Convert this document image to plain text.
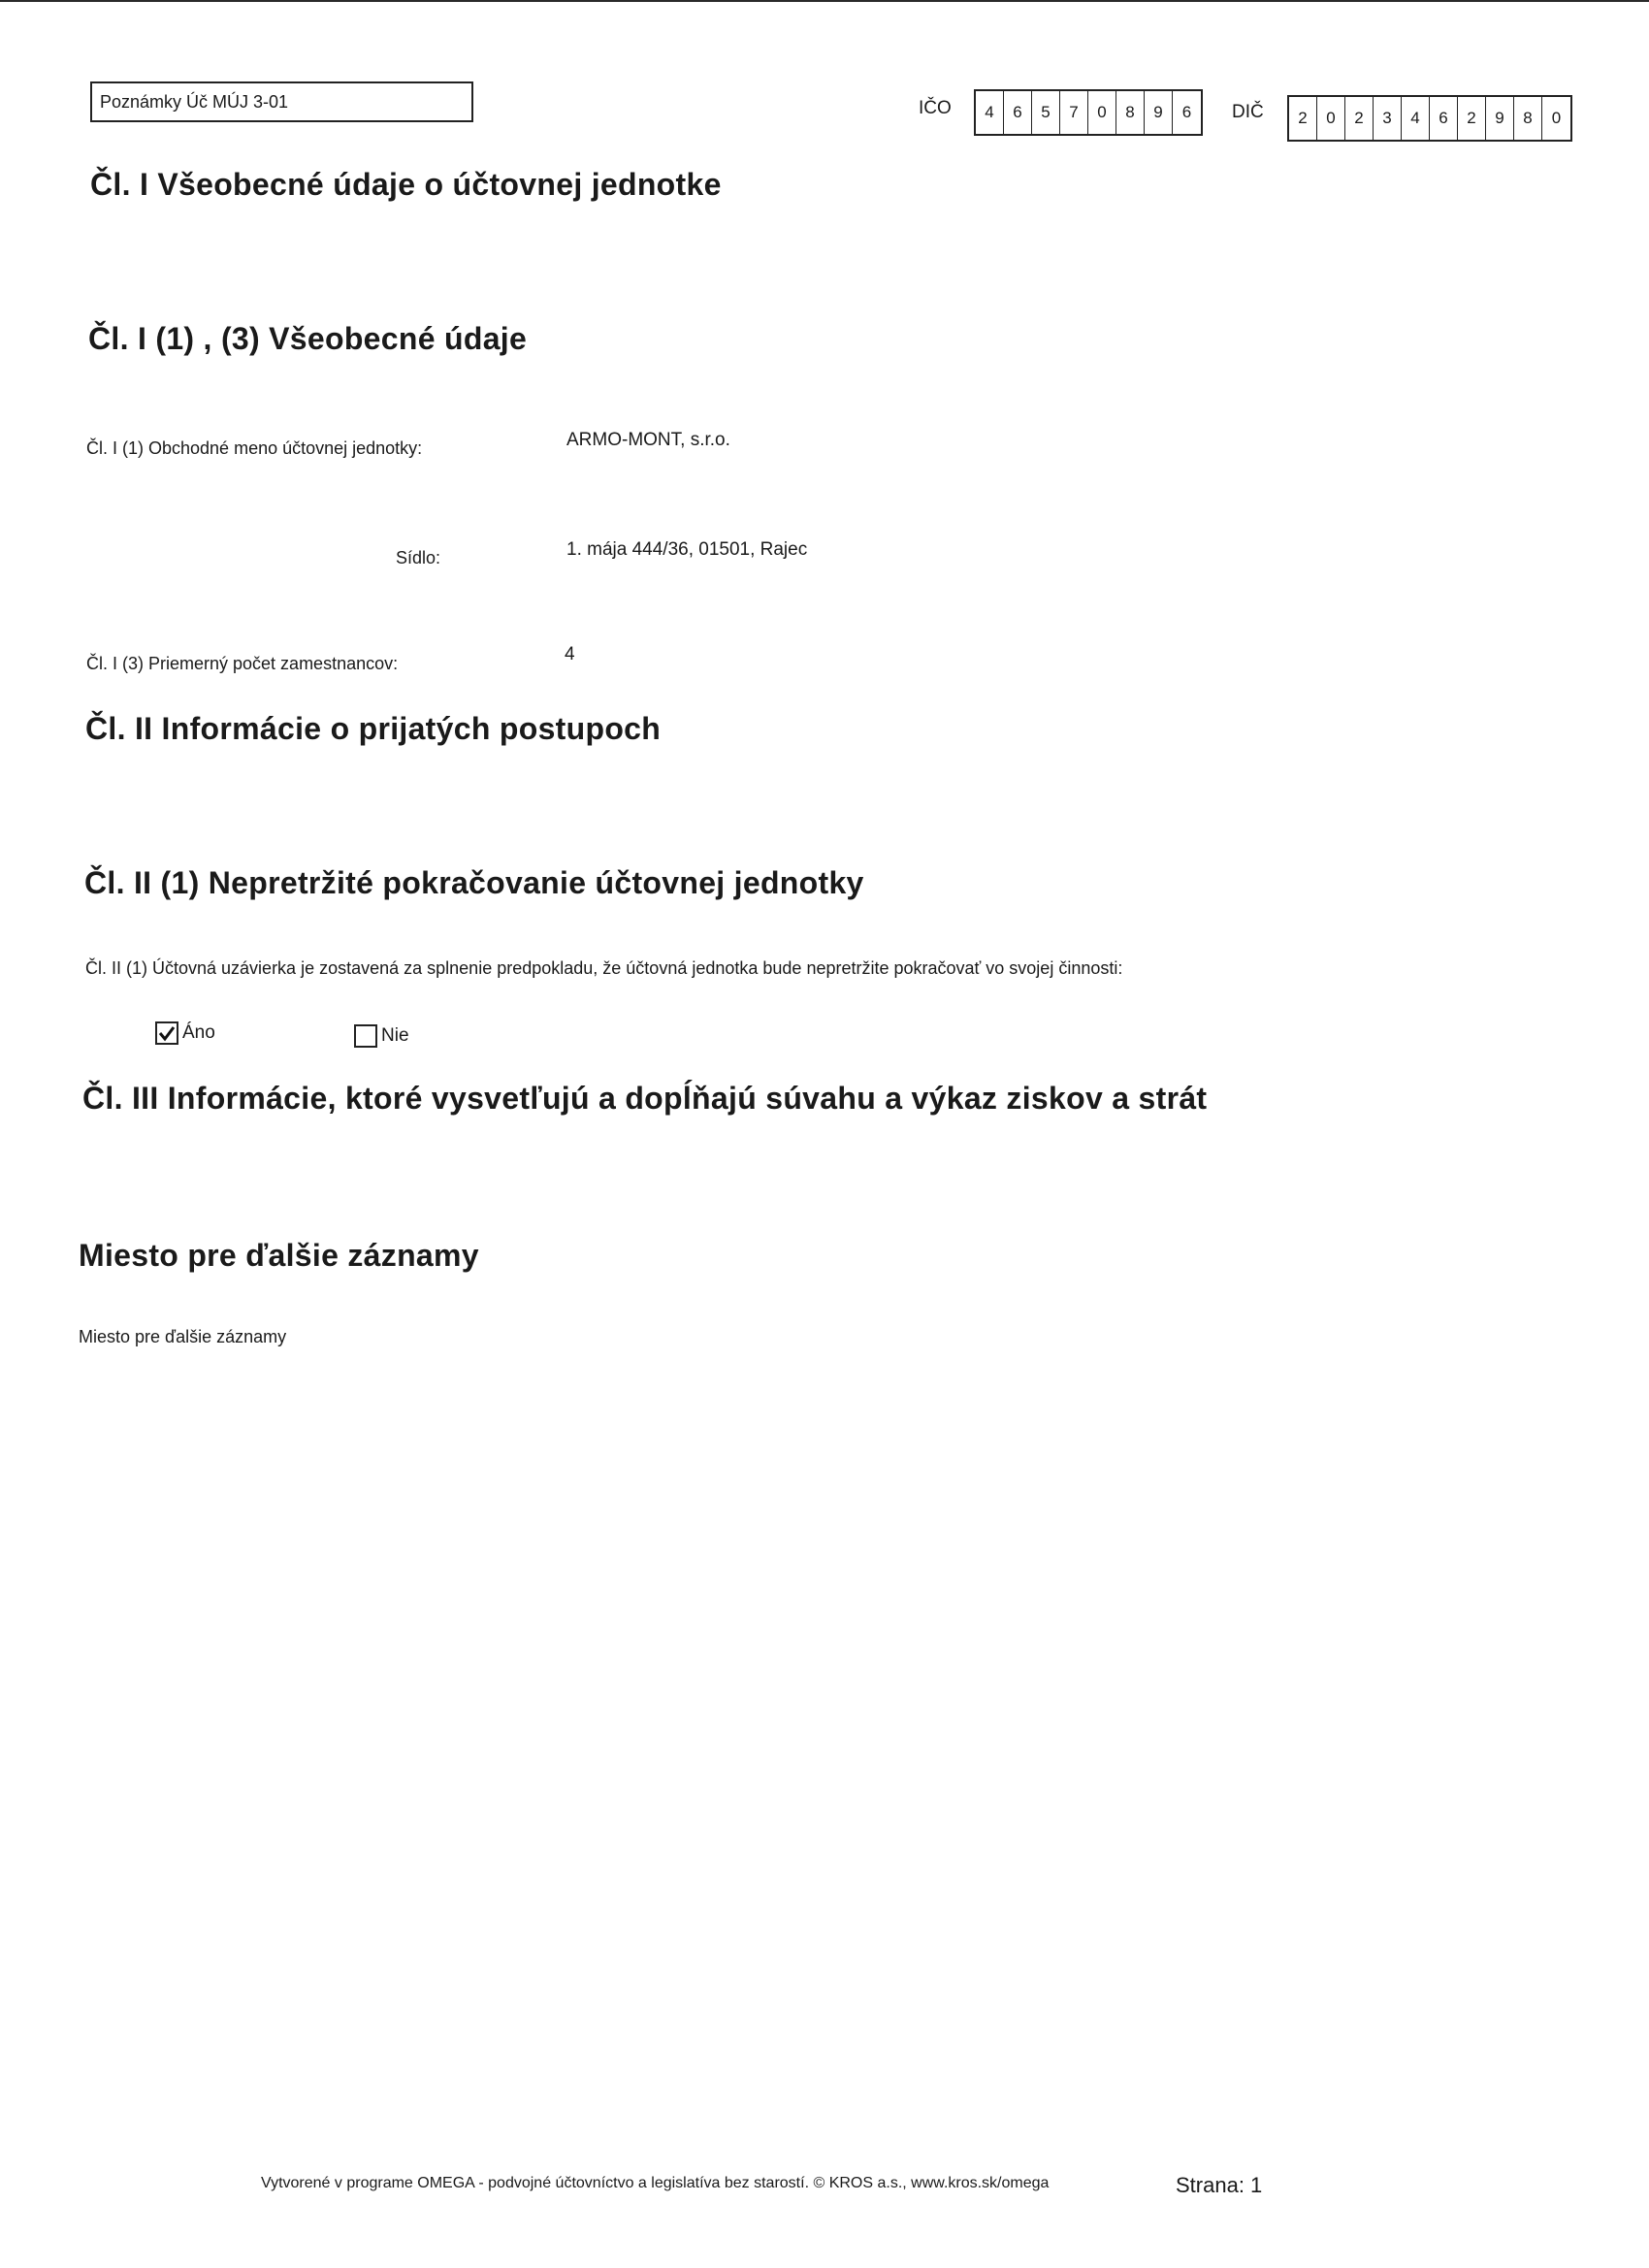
Poznámky Úč MÚJ 3-01	IČO	4	6	5	7	0	8	9	6	DIČ	2	0	2	3	4	6	2	9	8	0
Čl. I Všeobecné údaje o účtovnej jednotke
Čl. I (1) , (3) Všeobecné údaje
Čl. I (1) Obchodné meno účtovnej jednotky:	ARMO-MONT, s.r.o.
Sídlo:	1. mája 444/36, 01501, Rajec
Čl. I (3) Priemerný počet zamestnancov:	4
Čl. II Informácie o prijatých postupoch
Čl. II (1) Nepretržité pokračovanie účtovnej jednotky
Čl. II (1) Účtovná uzávierka je zostavená za splnenie predpokladu, že účtovná jednotka bude nepretržite pokračovať vo svojej činnosti:
Áno	Nie
Čl. III Informácie, ktoré vysvetľujú a dopĺňajú súvahu a výkaz ziskov a strát
Miesto pre ďalšie záznamy
Miesto pre ďalšie záznamy
Vytvorené v programe OMEGA - podvojné účtovníctvo a legislatíva bez starostí. © KROS a.s., www.kros.sk/omega	Strana: 1
